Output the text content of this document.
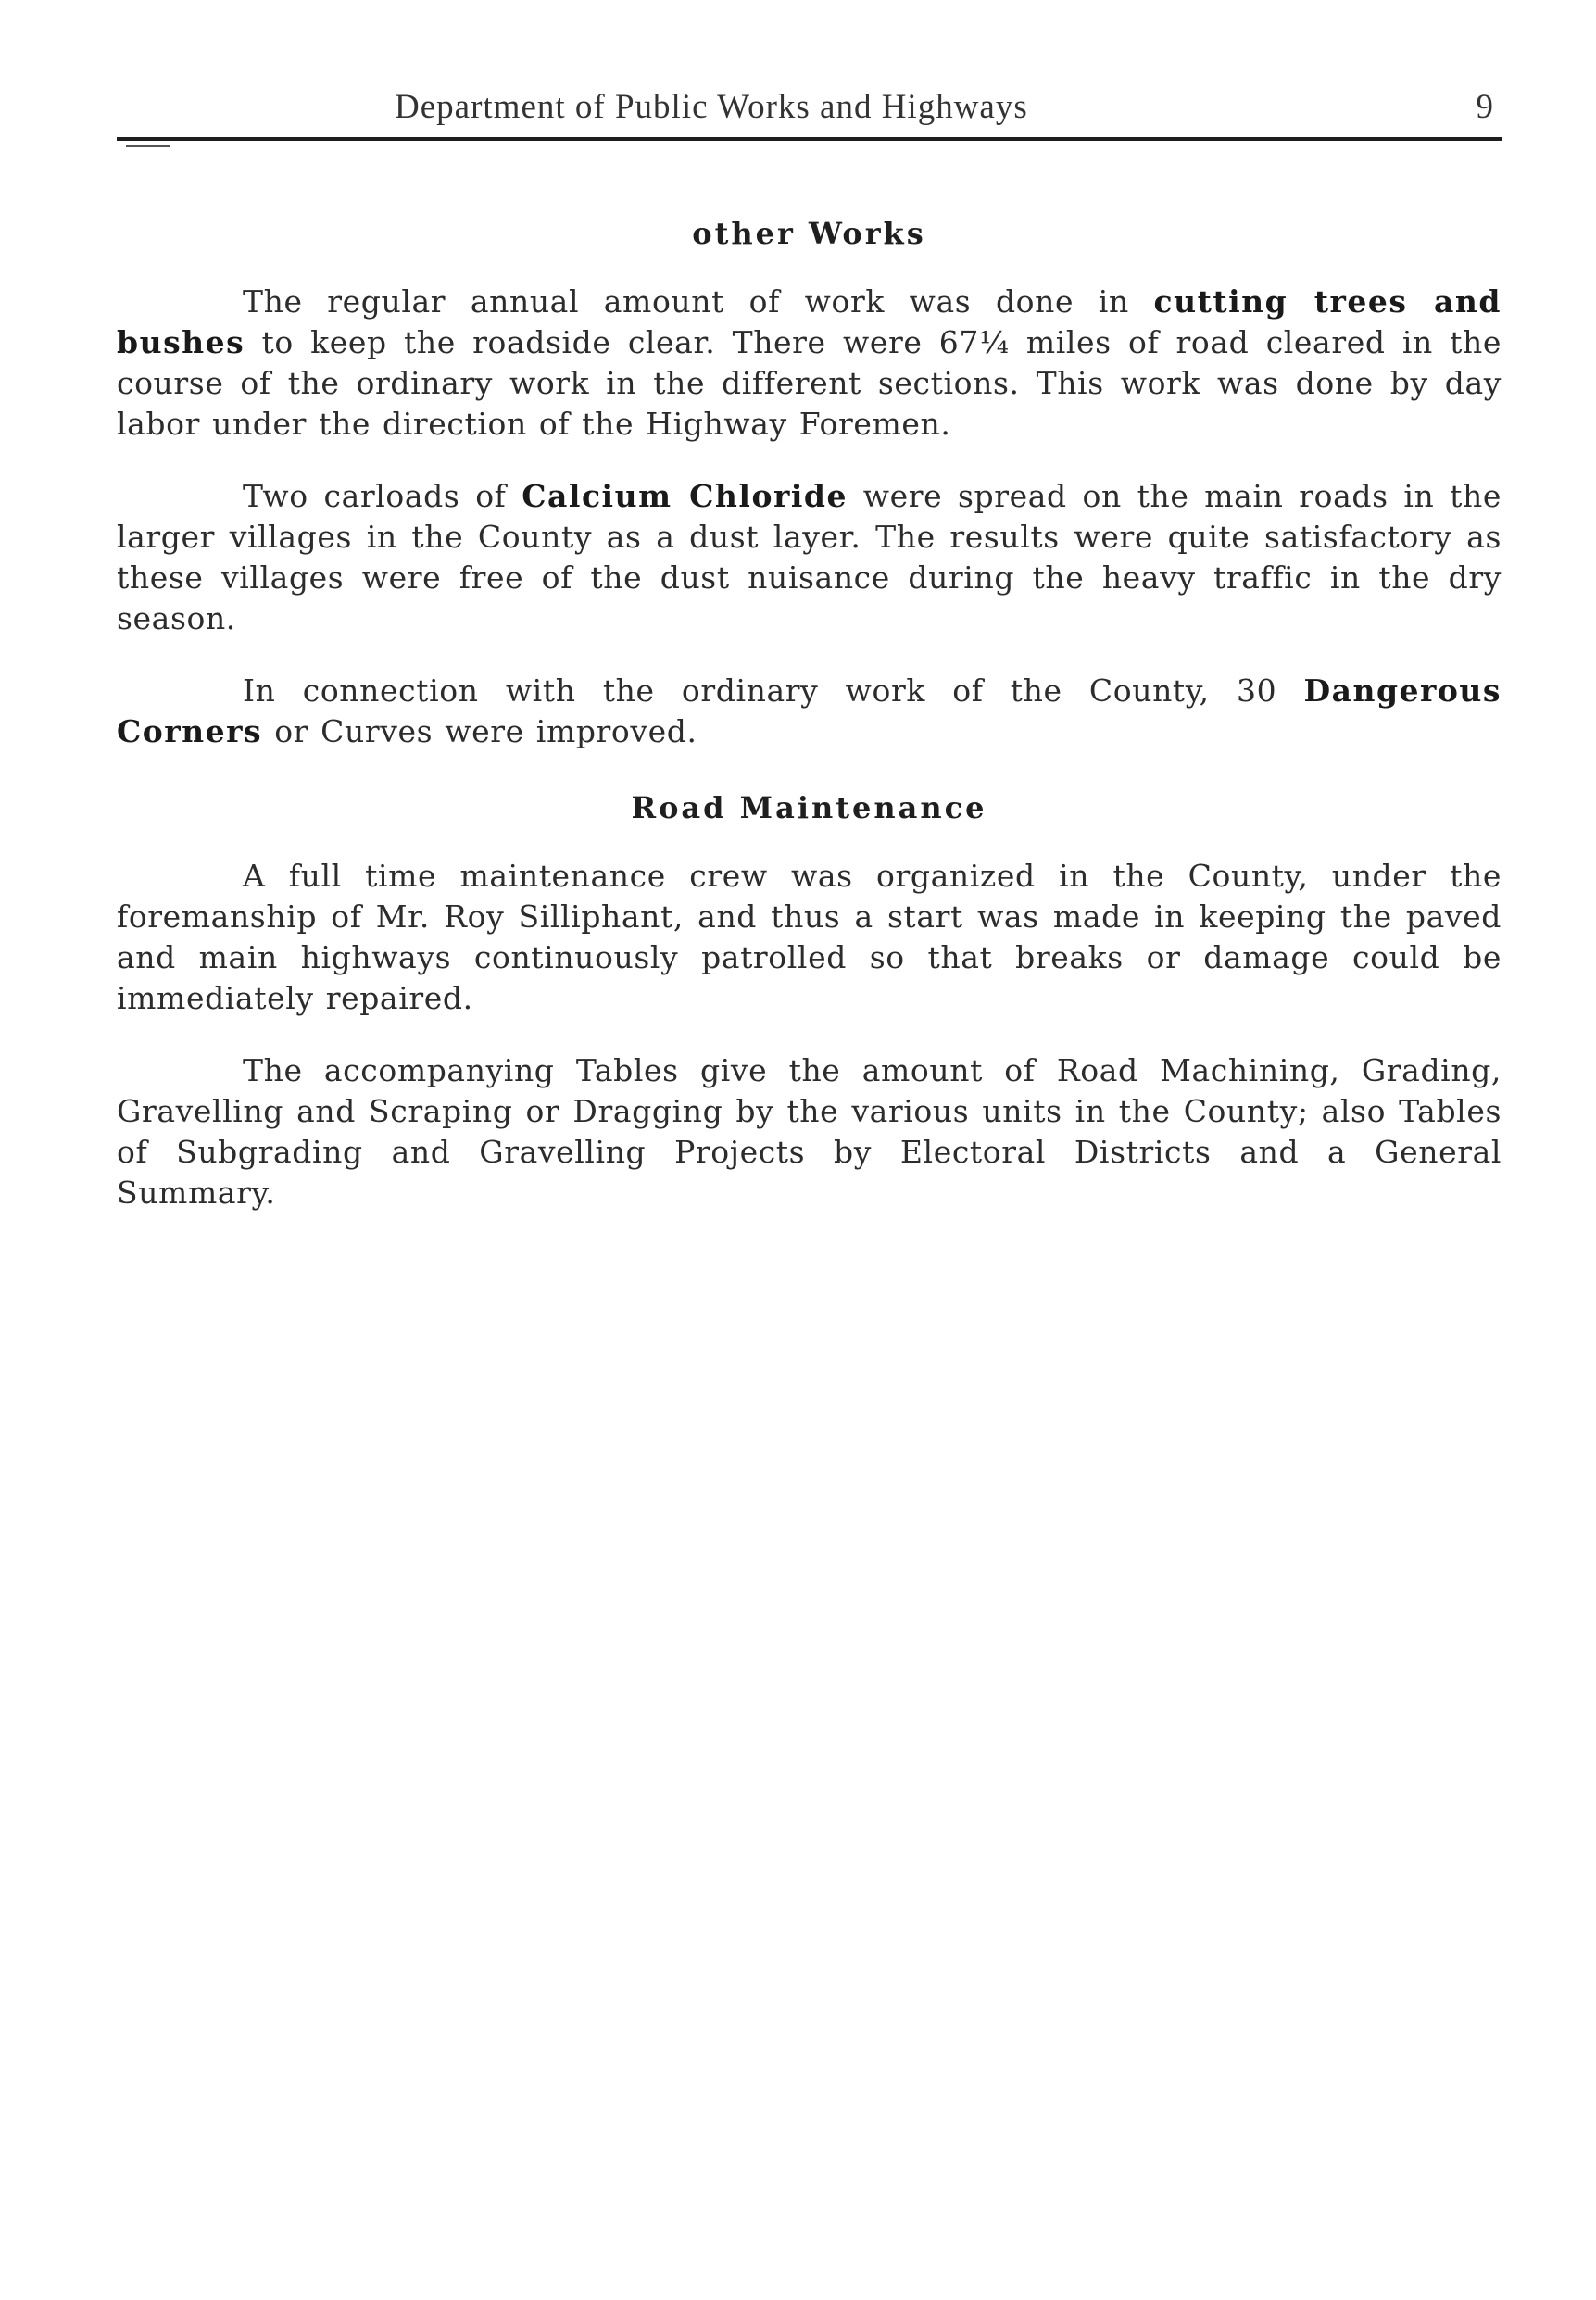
Department of Public Works and Highways	9
other Works

The regular annual amount of work was done in cutting trees and bushes to keep the roadside clear. There were 67¼ miles of road cleared in the course of the ordinary work in the different sections. This work was done by day labor under the direction of the Highway Foremen.

Two carloads of Calcium Chloride were spread on the main roads in the larger villages in the County as a dust layer. The results were quite satisfactory as these villages were free of the dust nuisance during the heavy traffic in the dry season.

In connection with the ordinary work of the County, 30 Dangerous Corners or Curves were improved.

Road Maintenance

A full time maintenance crew was organized in the County, under the foremanship of Mr. Roy Silliphant, and thus a start was made in keeping the paved and main highways continuously patrolled so that breaks or damage could be immediately repaired.

The accompanying Tables give the amount of Road Machining, Grading, Gravelling and Scraping or Dragging by the various units in the County; also Tables of Subgrading and Gravelling Projects by Electoral Districts and a General Summary.
